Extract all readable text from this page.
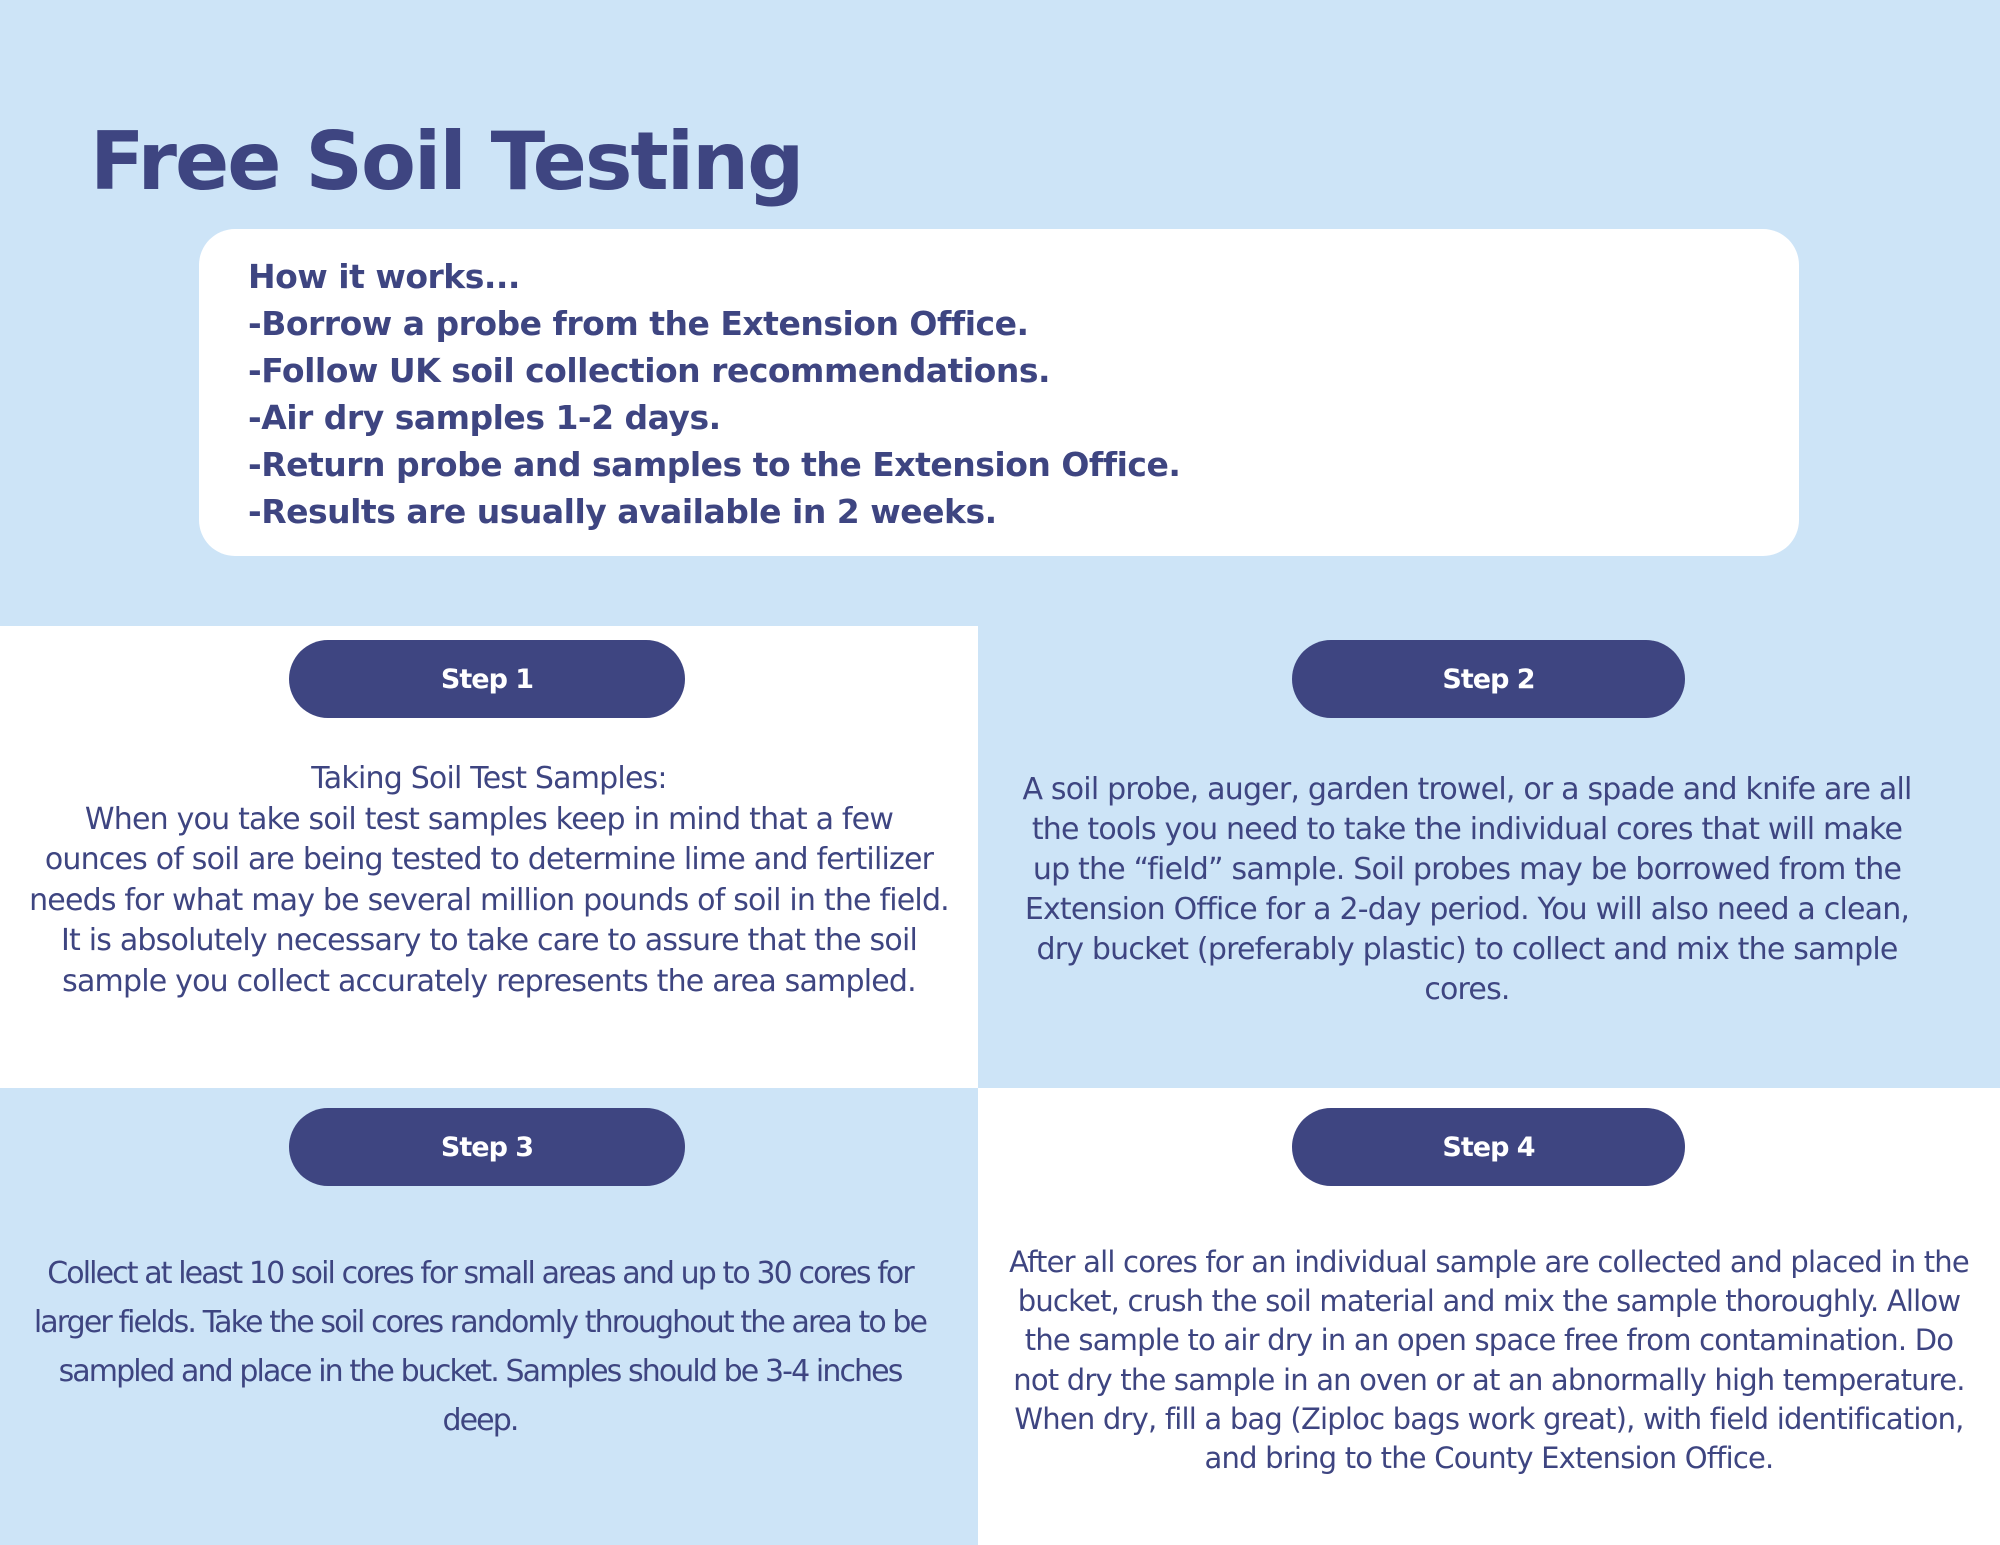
Free Soil Testing
How it works...
-Borrow a probe from the Extension Office.
-Follow UK soil collection recommendations.
-Air dry samples 1-2 days.
-Return probe and samples to the Extension Office.
-Results are usually available in 2 weeks.
Step 1

Taking Soil Test Samples:
When you take soil test samples keep in mind that a few
ounces of soil are being tested to determine lime and fertilizer
needs for what may be several million pounds of soil in the field.
It is absolutely necessary to take care to assure that the soil
sample you collect accurately represents the area sampled.

Step 2

A soil probe, auger, garden trowel, or a spade and knife are all
the tools you need to take the individual cores that will make
up the “field” sample. Soil probes may be borrowed from the
Extension Office for a 2-day period. You will also need a clean,
dry bucket (preferably plastic) to collect and mix the sample
cores.

Step 3

Collect at least 10 soil cores for small areas and up to 30 cores for
larger fields. Take the soil cores randomly throughout the area to be
sampled and place in the bucket. Samples should be 3-4 inches
deep.

Step 4

After all cores for an individual sample are collected and placed in the
bucket, crush the soil material and mix the sample thoroughly. Allow
the sample to air dry in an open space free from contamination. Do
not dry the sample in an oven or at an abnormally high temperature.
When dry, fill a bag (Ziploc bags work great), with field identification,
and bring to the County Extension Office.
